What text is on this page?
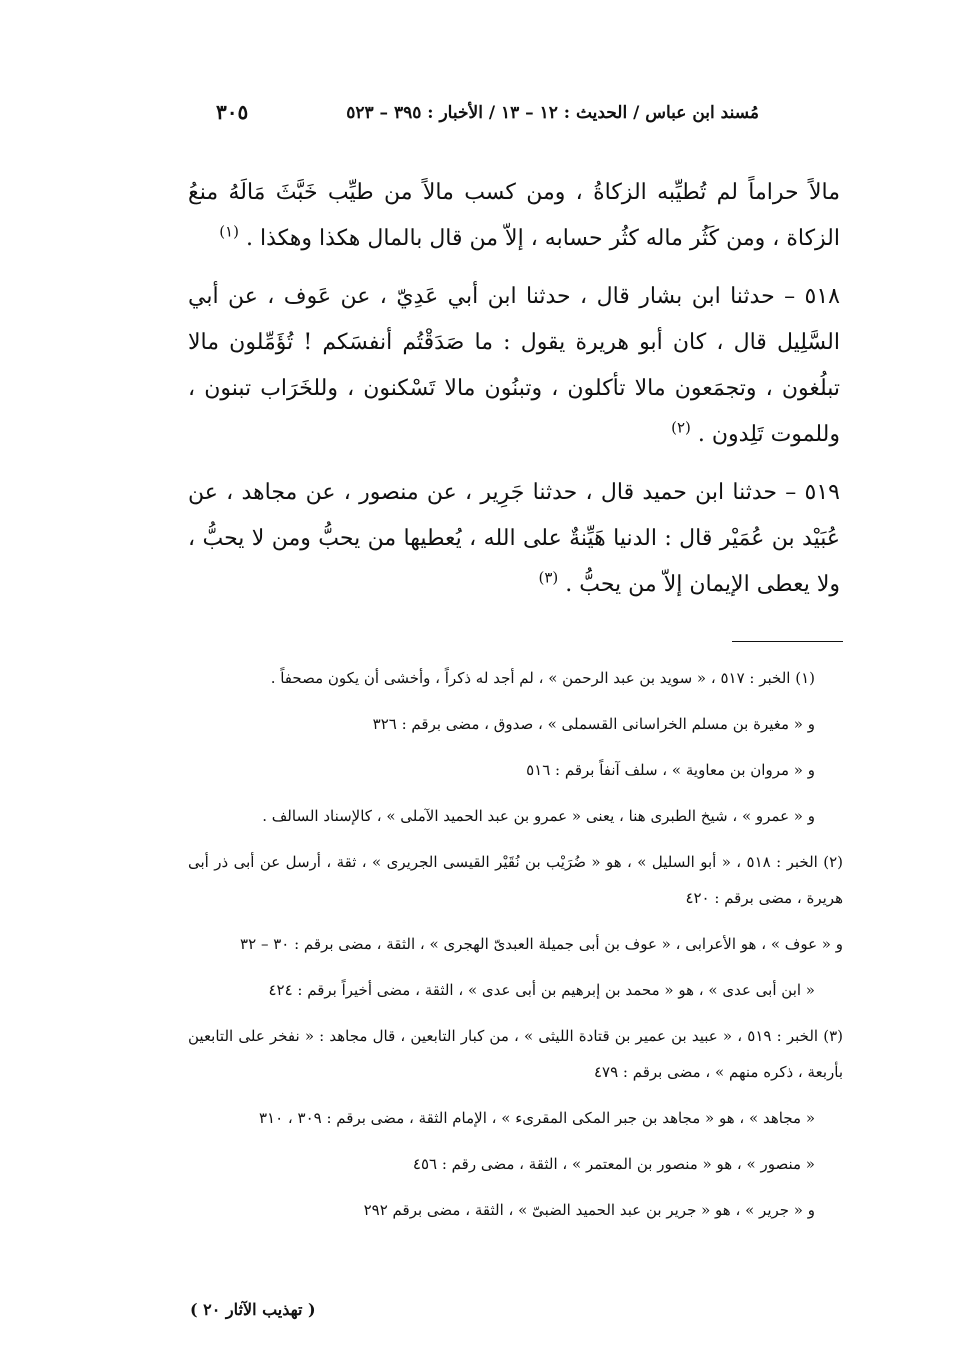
٣٠٥	مُسند ابن عباس / الحديث : ١٢ – ١٣ / الأخبار : ٣٩٥ – ٥٢٣

مالاً حراماً لم تُطيِّبه الزكاةُ ، ومن كسب مالاً من طيِّب خَبَّثَ مَالَهُ منعُ الزكاة ، ومن كَثُر ماله كثُر حسابه ، إلاّ من قال بالمال هكذا وهكذا . $^{(١)}$

٥١٨ – حدثنا ابن بشار قال ، حدثنا ابن أبي عَدِيّ ، عن عَوف ، عن أبي السَّلِيل قال ، كان أبو هريرة يقول : ما صَدَقْتُم أنفسَكم ! تُؤَمِّلون مالا تبلُغون ، وتجمَعون مالا تأكلون ، وتبنُون مالا تَسْكنون ، وللخَرَاب تبنون ، وللموت تَلِدون . $^{(٢)}$

٥١٩ – حدثنا ابن حميد قال ، حدثنا جَرِير ، عن منصور ، عن مجاهد ، عن عُبَيْد بن عُمَيْر قال : الدنيا هَيِّنةٌ على الله ، يُعطيها من يحبُّ ومن لا يحبُّ ، ولا يعطى الإيمان إلاّ من يحبُّ . $^{(٣)}$

(١) الخبر : ٥١٧ ، « سويد بن عبد الرحمن » ، لم أجد له ذكراً ، وأخشى أن يكون مصحفاً .

و « مغيرة بن مسلم الخراسانى القسملى » ، صدوق ، مضى برقم : ٣٢٦

و « مروان بن معاوية » ، سلف آنفاً برقم : ٥١٦

و « عمرو » ، شيخ الطبرى هنا ، يعنى « عمرو بن عبد الحميد الآملى » ، كالإسناد السالف .

(٢) الخبر : ٥١٨ ، « أبو السليل » ، هو « ضُرَيْب بن نُقَيْر القيسى الجريرى » ، ثقة ، أرسل عن أبى ذر أبى هريرة ، مضى برقم : ٤٢٠

و « عوف » ، هو الأعرابى ، « عوف بن أبى جميلة العبدىّ الهجرى » ، الثقة ، مضى برقم : ٣٠ – ٣٢

« ابن أبى عدى » ، هو « محمد بن إبرهيم بن أبى عدى » ، الثقة ، مضى أخيراً برقم : ٤٢٤

(٣) الخبر : ٥١٩ ، « عبيد بن عمير بن قتادة الليثى » ، من كبار التابعين ، قال مجاهد : « نفخر على التابعين بأربعة ، ذكره منهم » ، مضى برقم : ٤٧٩

« مجاهد » ، هو « مجاهد بن جبر المكى المقرىء » ، الإمام الثقة ، مضى برقم : ٣٠٩ ، ٣١٠

« منصور » ، هو « منصور بن المعتمر » ، الثقة ، مضى رقم : ٤٥٦

و « جرير » ، هو « جرير بن عبد الحميد الضبىّ » ، الثقة ، مضى برقم ٢٩٢

( تهذيب الآثار ٢٠ )
